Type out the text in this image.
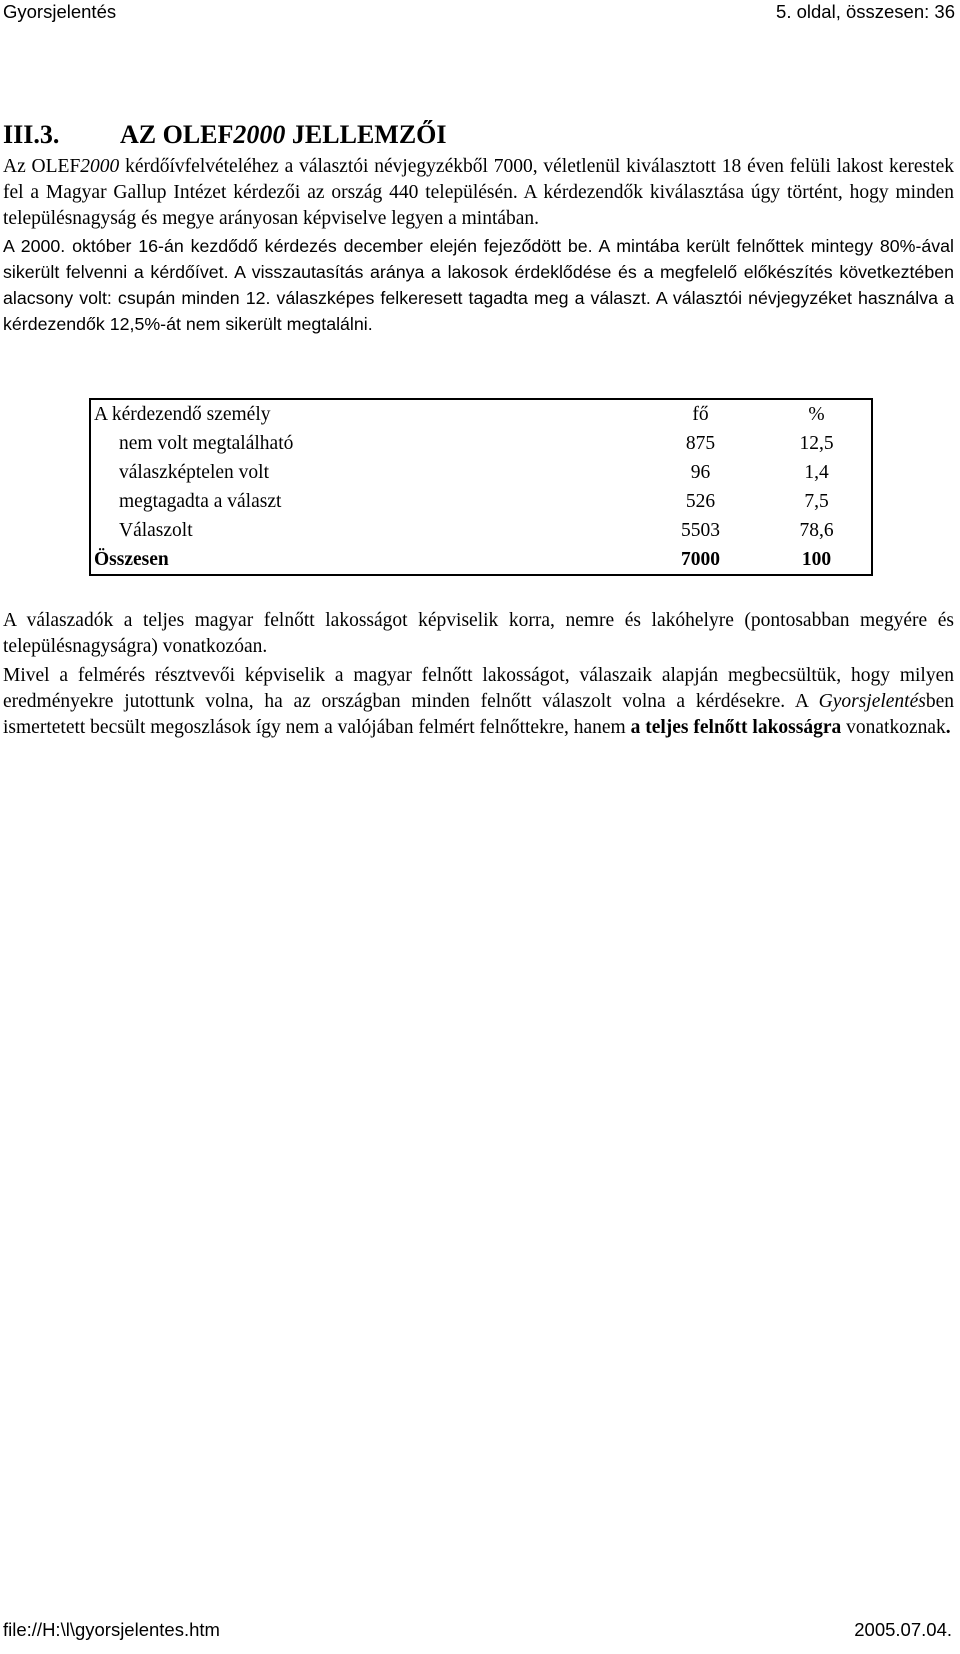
Gyorsjelentés	5. oldal, összesen: 36
III.3. AZ OLEF2000 JELLEMZŐI

Az OLEF2000 kérdőívfelvételéhez a választói névjegyzékből 7000, véletlenül kiválasztott 18 éven felüli lakost kerestek fel a Magyar Gallup Intézet kérdezői az ország 440 településén. A kérdezendők kiválasztása úgy történt, hogy minden településnagyság és megye arányosan képviselve legyen a mintában.

A 2000. október 16-án kezdődő kérdezés december elején fejeződött be. A mintába került felnőttek mintegy 80%-ával sikerült felvenni a kérdőívet. A visszautasítás aránya a lakosok érdeklődése és a megfelelő előkészítés következtében alacsony volt: csupán minden 12. válaszképes felkeresett tagadta meg a választ. A választói névjegyzéket használva a kérdezendők 12,5%-át nem sikerült megtalálni.

A kérdezendő személy	fő	%
nem volt megtalálható	875	12,5
válaszképtelen volt	96	1,4
megtagadta a választ	526	7,5
Válaszolt	5503	78,6
Összesen	7000	100

A válaszadók a teljes magyar felnőtt lakosságot képviselik korra, nemre és lakóhelyre (pontosabban megyére és településnagyságra) vonatkozóan.

Mivel a felmérés résztvevői képviselik a magyar felnőtt lakosságot, válaszaik alapján megbecsültük, hogy milyen eredményekre jutottunk volna, ha az országban minden felnőtt válaszolt volna a kérdésekre. A Gyorsjelentésben ismertetett becsült megoszlások így nem a valójában felmért felnőttekre, hanem a teljes felnőtt lakosságra vonatkoznak.

file://H:\l\gyorsjelentes.htm	2005.07.04.
